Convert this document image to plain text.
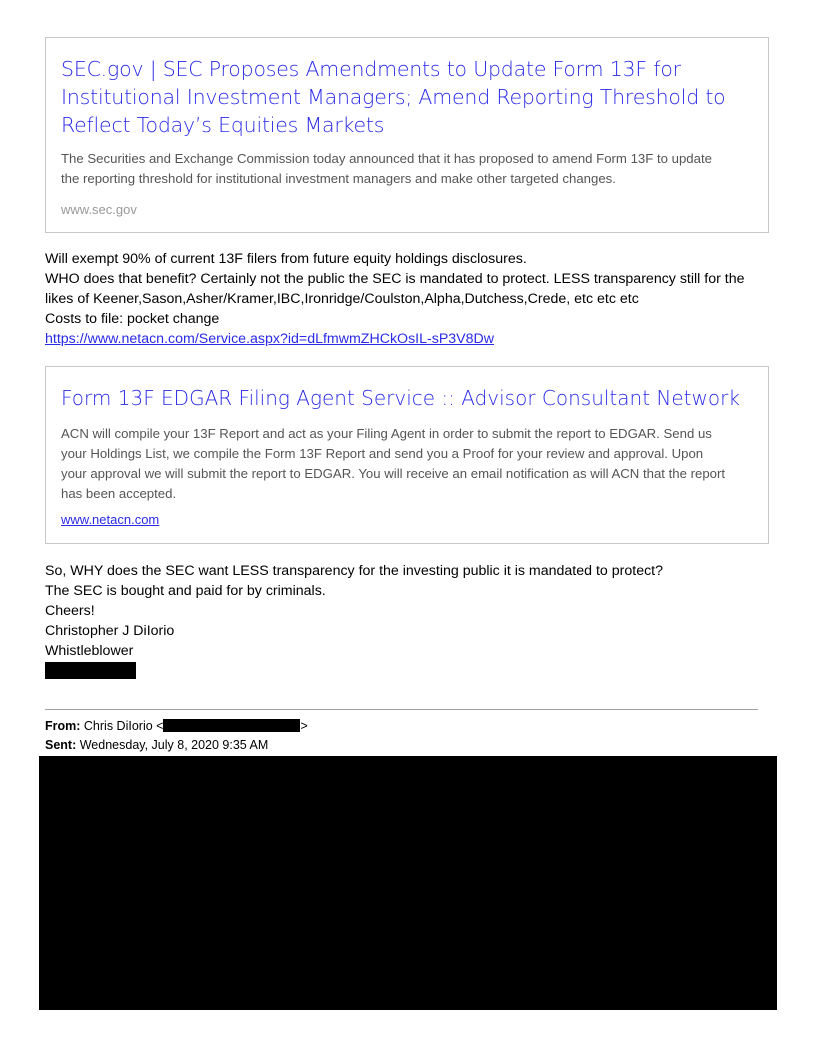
SEC.gov | SEC Proposes Amendments to Update Form 13F for Institutional Investment Managers; Amend Reporting Threshold to Reflect Today’s Equities Markets

The Securities and Exchange Commission today announced that it has proposed to amend Form 13F to update the reporting threshold for institutional investment managers and make other targeted changes.

www.sec.gov
Will exempt 90% of current 13F filers from future equity holdings disclosures.
WHO does that benefit? Certainly not the public the SEC is mandated to protect. LESS transparency still for the likes of Keener,Sason,Asher/Kramer,IBC,Ironridge/Coulston,Alpha,Dutchess,Crede, etc etc etc
Costs to file: pocket change
https://www.netacn.com/Service.aspx?id=dLfmwmZHCkOsIL-sP3V8Dw

Form 13F EDGAR Filing Agent Service :: Advisor Consultant Network

ACN will compile your 13F Report and act as your Filing Agent in order to submit the report to EDGAR. Send us your Holdings List, we compile the Form 13F Report and send you a Proof for your review and approval. Upon your approval we will submit the report to EDGAR. You will receive an email notification as will ACN that the report has been accepted.

www.netacn.com
So, WHY does the SEC want LESS transparency for the investing public it is mandated to protect?
The SEC is bought and paid for by criminals.
Cheers!
Christopher J DiIorio
Whistleblower
From: Chris DiIorio <	>
Sent: Wednesday, July 8, 2020 9:35 AM
